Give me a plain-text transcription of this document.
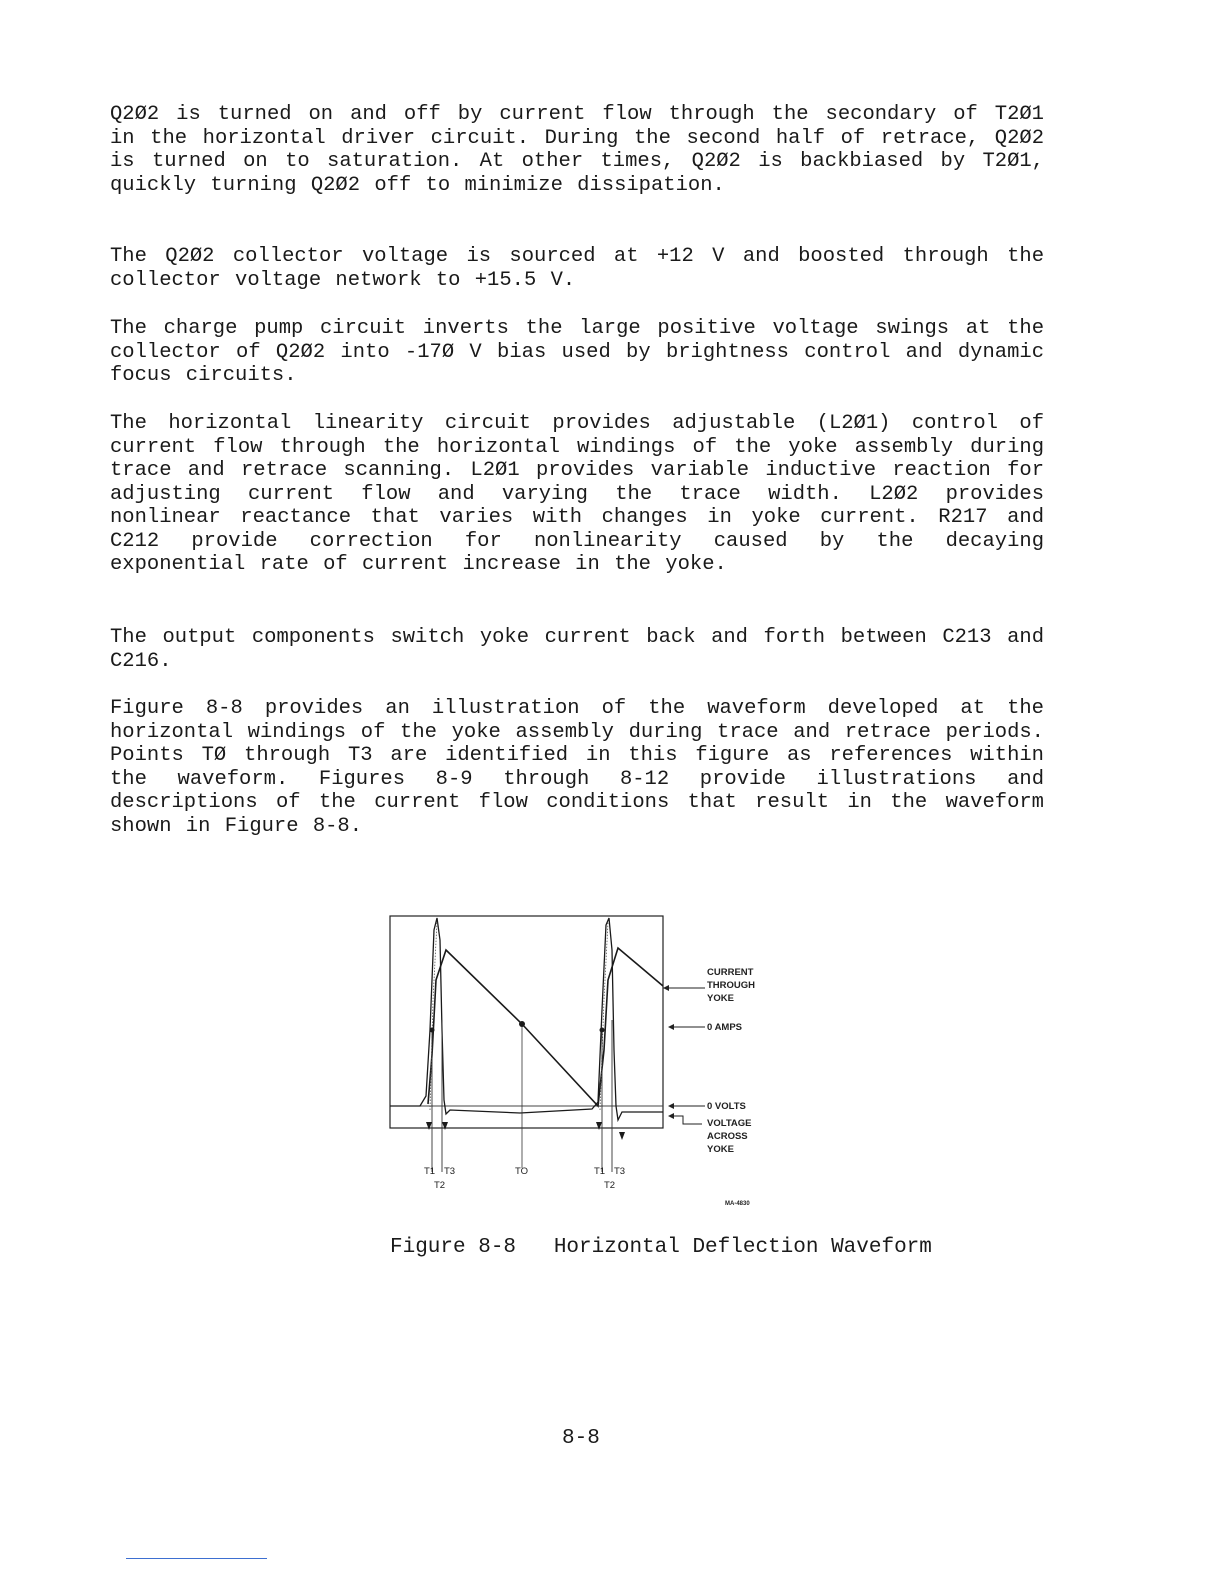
Q2Ø2 is turned on and off by current flow through the secondary of T2Ø1 in the horizontal driver circuit. During the second half of retrace, Q2Ø2 is turned on to saturation. At other times, Q2Ø2 is backbiased by T2Ø1, quickly turning Q2Ø2 off to minimize dissipation.

The Q2Ø2 collector voltage is sourced at +12 V and boosted through the collector voltage network to +15.5 V.

The charge pump circuit inverts the large positive voltage swings at the collector of Q2Ø2 into -17Ø V bias used by brightness control and dynamic focus circuits.

The horizontal linearity circuit provides adjustable (L2Ø1) control of current flow through the horizontal windings of the yoke assembly during trace and retrace scanning. L2Ø1 provides variable inductive reaction for adjusting current flow and varying the trace width. L2Ø2 provides nonlinear reactance that varies with changes in yoke current. R217 and C212 provide correction for nonlinearity caused by the decaying exponential rate of current increase in the yoke.

The output components switch yoke current back and forth between C213 and C216.

Figure 8-8 provides an illustration of the waveform developed at the horizontal windings of the yoke assembly during trace and retrace periods. Points TØ through T3 are identified in this figure as references within the waveform. Figures 8-9 through 8-12 provide illustrations and descriptions of the current flow conditions that result in the waveform shown in Figure 8-8.

CURRENT
THROUGH
YOKE
0 AMPS
0 VOLTS
VOLTAGE
ACROSS
YOKE
MA-4830
T1 T3
T2
TO	T1 T3
T2
Figure 8-8   Horizontal Deflection Waveform
8-8
